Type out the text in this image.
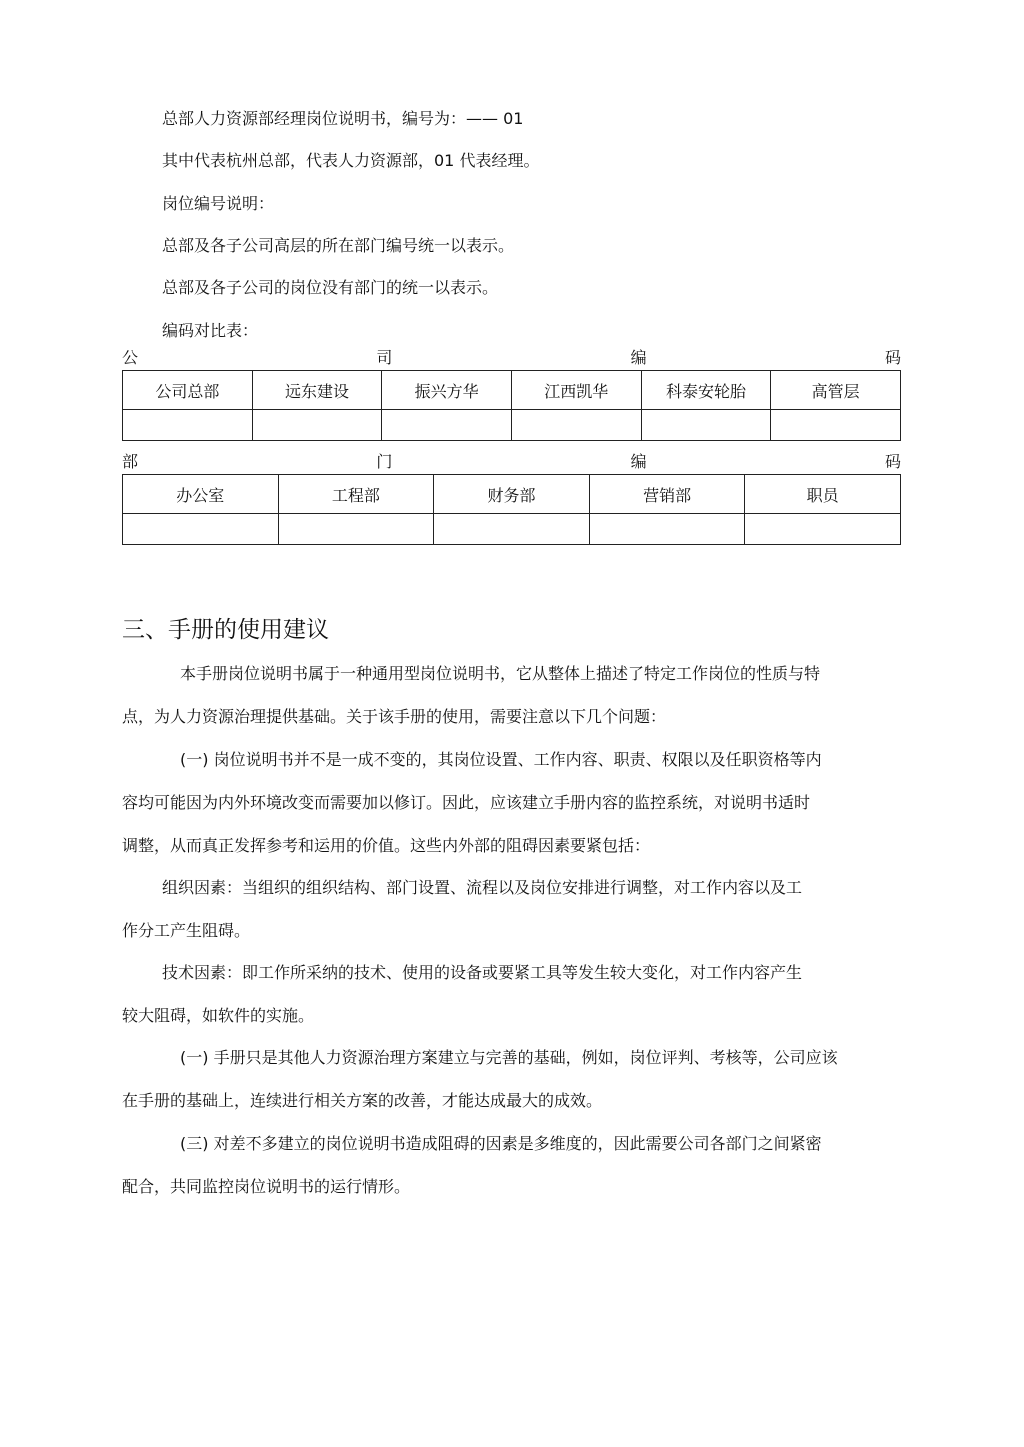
总部人力资源部经理岗位说明书，编号为：—— 01
其中代表杭州总部，代表人力资源部，01 代表经理。
岗位编号说明：
总部及各子公司高层的所在部门编号统一以表示。
总部及各子公司的岗位没有部门的统一以表示。
编码对比表：
公	司	编	码
公司总部	远东建设	振兴方华	江西凯华	科泰安轮胎	高管层

部	门	编	码
办公室	工程部	财务部	营销部	职员

三、手册的使用建议
本手册岗位说明书属于一种通用型岗位说明书，它从整体上描述了特定工作岗位的性质与特
点，为人力资源治理提供基础。关于该手册的使用，需要注意以下几个问题：
(一) 岗位说明书并不是一成不变的，其岗位设置、工作内容、职责、权限以及任职资格等内
容均可能因为内外环境改变而需要加以修订。因此，应该建立手册内容的监控系统，对说明书适时
调整，从而真正发挥参考和运用的价值。这些内外部的阻碍因素要紧包括：
组织因素：当组织的组织结构、部门设置、流程以及岗位安排进行调整，对工作内容以及工
作分工产生阻碍。
技术因素：即工作所采纳的技术、使用的设备或要紧工具等发生较大变化，对工作内容产生
较大阻碍，如软件的实施。
(一) 手册只是其他人力资源治理方案建立与完善的基础，例如，岗位评判、考核等，公司应该
在手册的基础上，连续进行相关方案的改善，才能达成最大的成效。
(三) 对差不多建立的岗位说明书造成阻碍的因素是多维度的，因此需要公司各部门之间紧密
配合，共同监控岗位说明书的运行情形。
